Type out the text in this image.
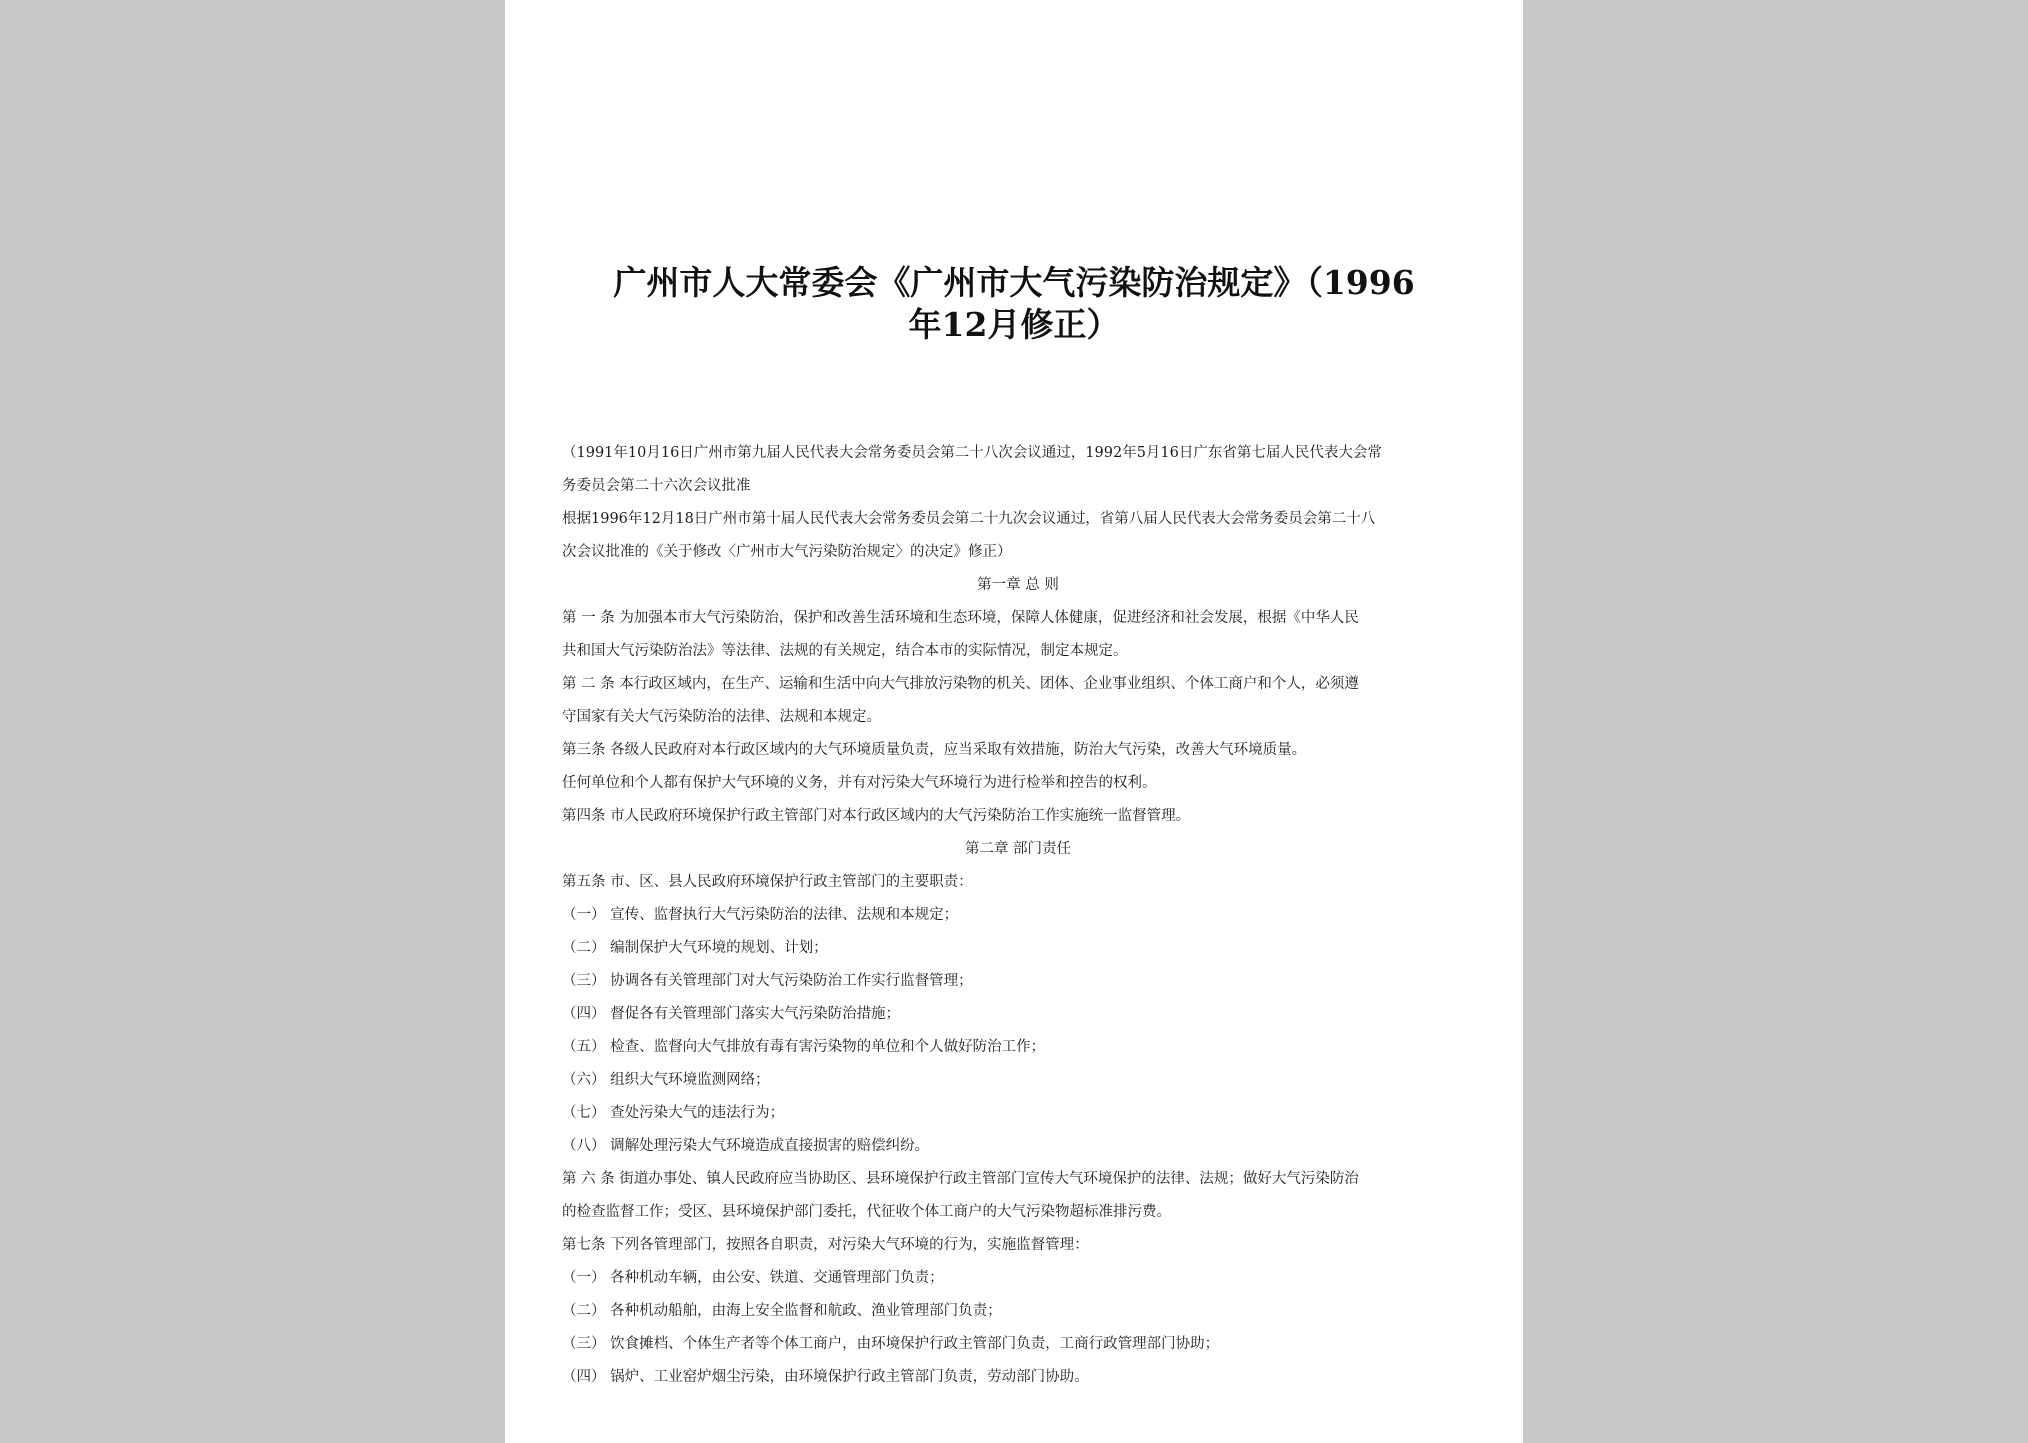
广州市人大常委会《广州市大气污染防治规定》（1996
年12月修正）
（1991年10月16日广州市第九届人民代表大会常务委员会第二十八次会议通过，1992年5月16日广东省第七届人民代表大会常
务委员会第二十六次会议批准
根据1996年12月18日广州市第十届人民代表大会常务委员会第二十九次会议通过，省第八届人民代表大会常务委员会第二十八
次会议批准的《关于修改〈广州市大气污染防治规定〉的决定》修正）

第一章 总 则

第 一 条 为加强本市大气污染防治，保护和改善生活环境和生态环境，保障人体健康，促进经济和社会发展，根据《中华人民
共和国大气污染防治法》等法律、法规的有关规定，结合本市的实际情况，制定本规定。
第 二 条 本行政区域内，在生产、运输和生活中向大气排放污染物的机关、团体、企业事业组织、个体工商户和个人，必须遵
守国家有关大气污染防治的法律、法规和本规定。

第三条 各级人民政府对本行政区域内的大气环境质量负责，应当采取有效措施，防治大气污染，改善大气环境质量。

任何单位和个人都有保护大气环境的义务，并有对污染大气环境行为进行检举和控告的权利。

第四条 市人民政府环境保护行政主管部门对本行政区域内的大气污染防治工作实施统一监督管理。

第二章 部门责任

第五条 市、区、县人民政府环境保护行政主管部门的主要职责：

（一） 宣传、监督执行大气污染防治的法律、法规和本规定；

（二） 编制保护大气环境的规划、计划；

（三） 协调各有关管理部门对大气污染防治工作实行监督管理；

（四） 督促各有关管理部门落实大气污染防治措施；

（五） 检查、监督向大气排放有毒有害污染物的单位和个人做好防治工作；

（六） 组织大气环境监测网络；

（七） 查处污染大气的违法行为；

（八） 调解处理污染大气环境造成直接损害的赔偿纠纷。

第 六 条 街道办事处、镇人民政府应当协助区、县环境保护行政主管部门宣传大气环境保护的法律、法规；做好大气污染防治
的检查监督工作；受区、县环境保护部门委托，代征收个体工商户的大气污染物超标准排污费。

第七条 下列各管理部门，按照各自职责，对污染大气环境的行为，实施监督管理：

（一） 各种机动车辆，由公安、铁道、交通管理部门负责；

（二） 各种机动船舶，由海上安全监督和航政、渔业管理部门负责；

（三） 饮食摊档、个体生产者等个体工商户，由环境保护行政主管部门负责，工商行政管理部门协助；

（四） 锅炉、工业窑炉烟尘污染，由环境保护行政主管部门负责，劳动部门协助。
